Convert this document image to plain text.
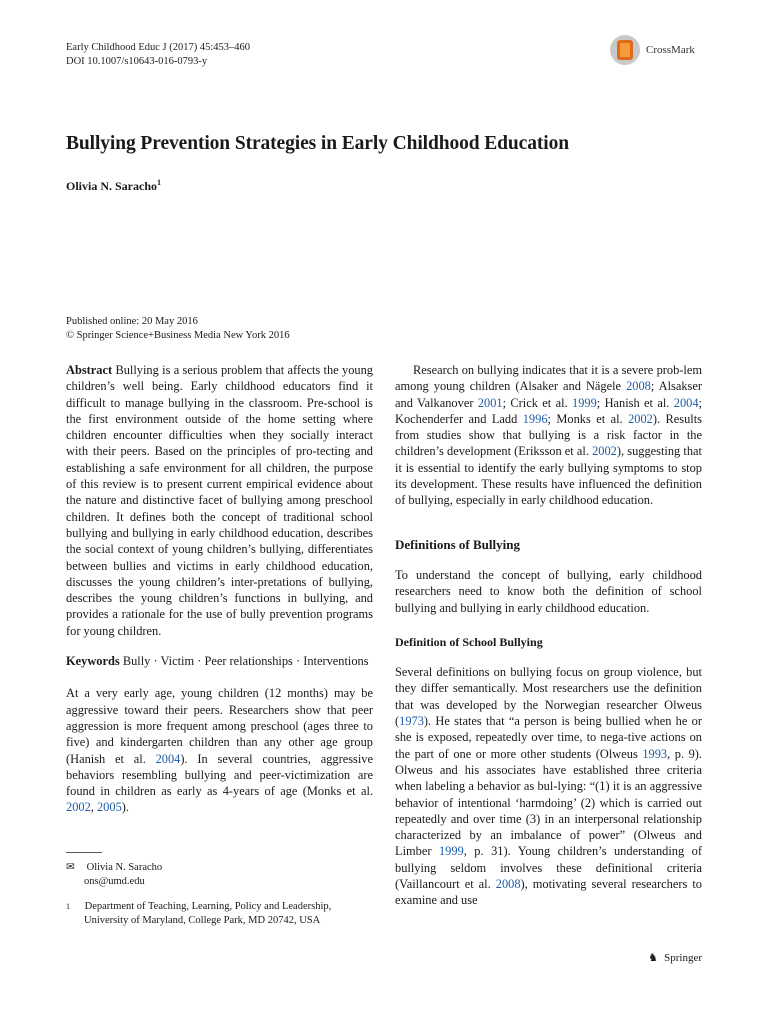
Early Childhood Educ J (2017) 45:453–460
DOI 10.1007/s10643-016-0793-y
CrossMark
Bullying Prevention Strategies in Early Childhood Education
Olivia N. Saracho$^1$
Published online: 20 May 2016
© Springer Science+Business Media New York 2016

Abstract Bullying is a serious problem that affects the young children’s well being. Early childhood educators find it difficult to manage bullying in the classroom. Pre-school is the first environment outside of the home setting where children encounter difficulties when they socially interact with their peers. Based on the principles of pro-tecting and establishing a safe environment for all children, the purpose of this review is to present current empirical evidence about the nature and distinctive facet of bullying among preschool children. It defines both the concept of traditional school bullying and bullying in early childhood education, describes the social context of young children’s bullying, differentiates between bullies and victims in early childhood education, discusses the young children’s inter-pretations of bullying, describes the young children’s functions in bullying, and provides a rationale for the use of bully prevention programs for young children.

Keywords Bully · Victim · Peer relationships · Interventions

At a very early age, young children (12 months) may be aggressive toward their peers. Researchers show that peer aggression is more frequent among preschool (ages three to five) and kindergarten children than any other age group (Hanish et al. 2004). In several countries, aggressive behaviors resembling bullying and peer-victimization are found in children as early as 4-years of age (Monks et al. 2002, 2005).

✉ Olivia N. Saracho
ons@umd.edu
$^1$ Department of Teaching, Learning, Policy and Leadership,
University of Maryland, College Park, MD 20742, USA

Research on bullying indicates that it is a severe prob-lem among young children (Alsaker and Nägele 2008; Alsakser and Valkanover 2001; Crick et al. 1999; Hanish et al. 2004; Kochenderfer and Ladd 1996; Monks et al. 2002). Results from studies show that bullying is a risk factor in the children’s development (Eriksson et al. 2002), suggesting that it is essential to identify the early bullying symptoms to stop its development. These results have influenced the definition of bullying, especially in early childhood education.

Definitions of Bullying

To understand the concept of bullying, early childhood researchers need to know both the definition of school bullying and bullying in early childhood education.

Definition of School Bullying

Several definitions on bullying focus on group violence, but they differ semantically. Most researchers use the definition that was developed by the Norwegian researcher Olweus (1973). He states that “a person is being bullied when he or she is exposed, repeatedly over time, to nega-tive actions on the part of one or more other students (Olweus 1993, p. 9). Olweus and his associates have established three criteria when labeling a behavior as bul-lying: “(1) it is an aggressive behavior of intentional ‘harmdoing’ (2) which is carried out repeatedly and over time (3) in an interpersonal relationship characterized by an imbalance of power” (Olweus and Limber 1999, p. 31). Young children’s understanding of bullying seldom involves these definitional criteria (Vaillancourt et al. 2008), motivating several researchers to examine and use

♞ Springer
